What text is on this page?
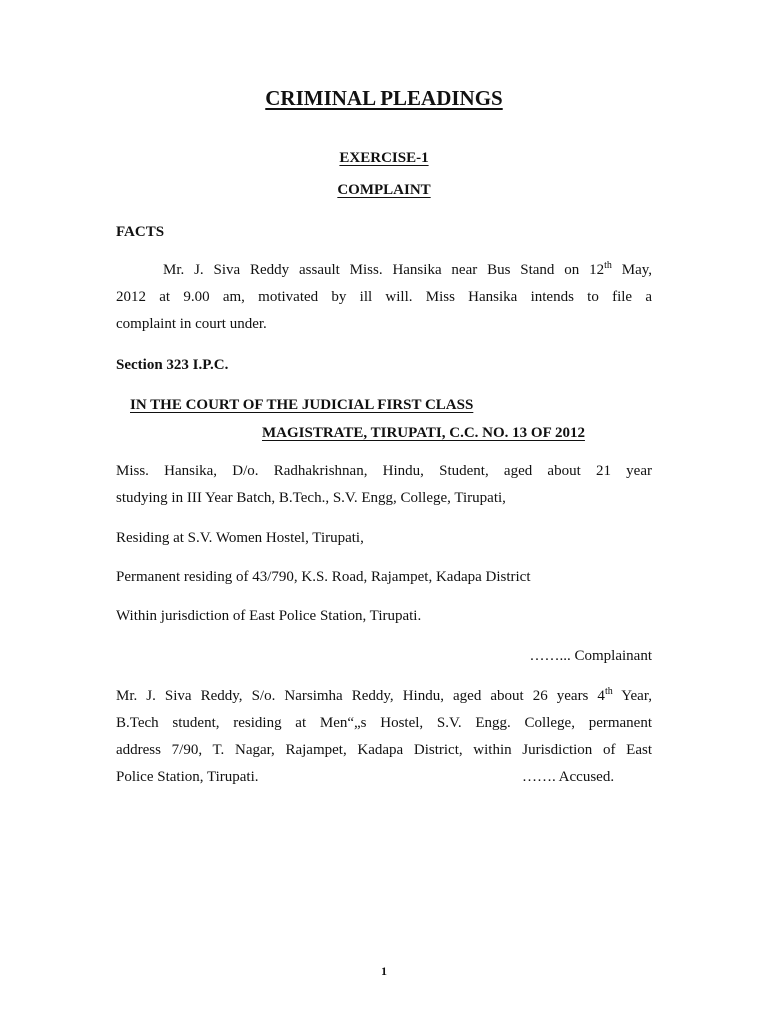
CRIMINAL PLEADINGS
EXERCISE-1
COMPLAINT
FACTS
Mr. J. Siva Reddy assault Miss. Hansika near Bus Stand on 12th May,
2012 at 9.00 am, motivated by ill will. Miss Hansika intends to file a
complaint in court under.
Section 323 I.P.C.
IN THE COURT OF THE JUDICIAL FIRST CLASS
MAGISTRATE, TIRUPATI, C.C. NO. 13 OF 2012
Miss. Hansika, D/o. Radhakrishnan, Hindu, Student, aged about 21 year
studying in III Year Batch, B.Tech., S.V. Engg, College, Tirupati,
Residing at S.V. Women Hostel, Tirupati,
Permanent residing of 43/790, K.S. Road, Rajampet, Kadapa District
Within jurisdiction of East Police Station, Tirupati.
……... Complainant
Mr. J. Siva Reddy, S/o. Narsimha Reddy, Hindu, aged about 26 years 4th Year,
B.Tech student, residing at Men“„s Hostel, S.V. Engg. College, permanent
address 7/90, T. Nagar, Rajampet, Kadapa District, within Jurisdiction of East
Police Station, Tirupati.	……. Accused.
1
